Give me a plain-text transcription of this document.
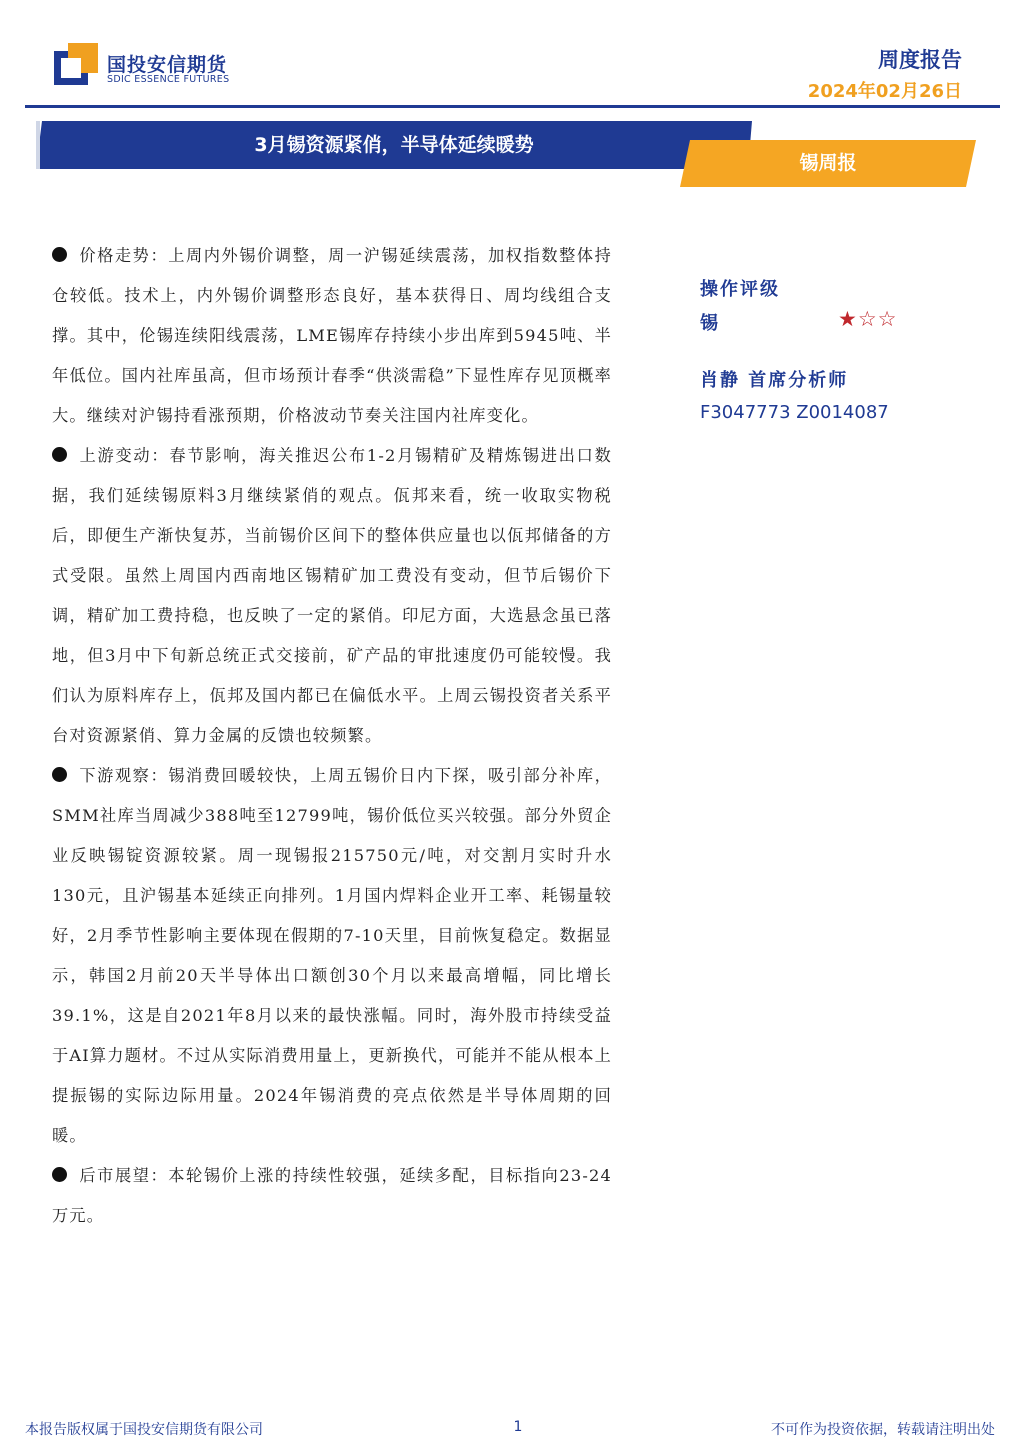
国投安信期货
SDIC ESSENCE FUTURES
周度报告
2024年02月26日
3月锡资源紧俏，半导体延续暖势
锡周报

价格走势：上周内外锡价调整，周一沪锡延续震荡，加权指数整体持仓较低。技术上，内外锡价调整形态良好，基本获得日、周均线组合支撑。其中，伦锡连续阳线震荡，LME锡库存持续小步出库到5945吨、半年低位。国内社库虽高，但市场预计春季“供淡需稳”下显性库存见顶概率大。继续对沪锡持看涨预期，价格波动节奏关注国内社库变化。

上游变动：春节影响，海关推迟公布1-2月锡精矿及精炼锡进出口数据，我们延续锡原料3月继续紧俏的观点。佤邦来看，统一收取实物税后，即便生产渐快复苏，当前锡价区间下的整体供应量也以佤邦储备的方式受限。虽然上周国内西南地区锡精矿加工费没有变动，但节后锡价下调，精矿加工费持稳，也反映了一定的紧俏。印尼方面，大选悬念虽已落地，但3月中下旬新总统正式交接前，矿产品的审批速度仍可能较慢。我们认为原料库存上，佤邦及国内都已在偏低水平。上周云锡投资者关系平台对资源紧俏、算力金属的反馈也较频繁。

下游观察：锡消费回暖较快，上周五锡价日内下探，吸引部分补库，SMM社库当周减少388吨至12799吨，锡价低位买兴较强。部分外贸企业反映锡锭资源较紧。周一现锡报215750元/吨，对交割月实时升水130元，且沪锡基本延续正向排列。1月国内焊料企业开工率、耗锡量较好，2月季节性影响主要体现在假期的7-10天里，目前恢复稳定。数据显示，韩国2月前20天半导体出口额创30个月以来最高增幅，同比增长39.1%，这是自2021年8月以来的最快涨幅。同时，海外股市持续受益于AI算力题材。不过从实际消费用量上，更新换代，可能并不能从根本上提振锡的实际边际用量。2024年锡消费的亮点依然是半导体周期的回暖。

后市展望：本轮锡价上涨的持续性较强，延续多配，目标指向23-24万元。

操作评级
锡	★☆☆
肖静 首席分析师
F3047773 Z0014087
本报告版权属于国投安信期货有限公司	1	不可作为投资依据，转载请注明出处
